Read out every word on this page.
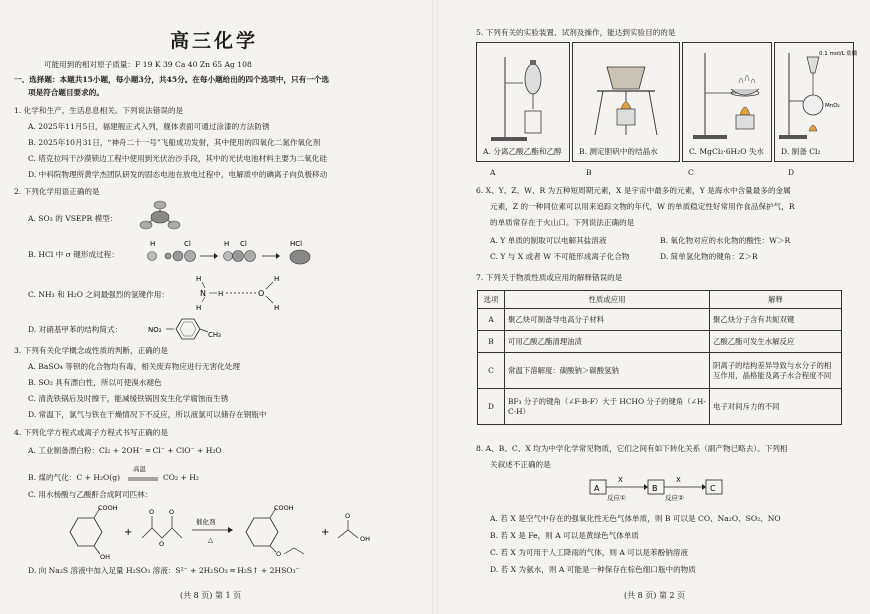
高三化学
可能用到的相对原子质量：F 19 K 39 Ca 40 Zn 65 Ag 108
一、选择题：本题共15小题，每小题3分，共45分。在每小题给出的四个选项中，只有一个选
项是符合题目要求的。
1. 化学和生产、生活息息相关。下列说法错误的是
A. 2025年11月5日，福建舰正式入列，舰体表面可通过涂漆的方法防锈
B. 2025年10月31日，“神舟二十一号”飞船成功发射，其中使用的四氧化二氮作氧化剂
C. 塔克拉玛干沙漠锁边工程中使用到光伏治沙手段，其中的光伏电池材料主要为二氧化硅
D. 中科院物理所黄学杰团队研发的固态电池在放电过程中，电解质中的碘离子向负极移动
2. 下列化学用语正确的是
A. SO₃ 的 VSEPR 模型：
B. HCl 中 σ 键形成过程：
H	Cl	H Cl	HCl
C. NH₃ 和 H₂O 之间最强烈的氢键作用：	N
H
H
H	O
H
H
D. 对硝基甲苯的结构简式：	NO₂
CH₃
3. 下列有关化学概念或性质的判断，正确的是
A. BaSO₄ 等钡的化合物均有毒，相关废弃物应进行无害化处理
B. SO₂ 具有漂白性，所以可使溴水褪色
C. 清洗铁锅后及时擦干，能减缓铁锅因发生化学腐蚀而生锈
D. 常温下，氯气与铁在干燥情况下不反应，所以液氯可以储存在钢瓶中
4. 下列化学方程式或离子方程式书写正确的是
A. 工业制备漂白粉：Cl₂ + 2OH⁻ ═ Cl⁻ + ClO⁻ + H₂O
B. 煤的气化：C + H₂O(g)
高温
CO₂ + H₂
C. 用水杨酸与乙酸酐合成阿司匹林：
COOH
OH
+
O O
O
催化剂
△
COOH
O
+
O
OH
D. 向 Na₂S 溶液中加入足量 H₂SO₃ 溶液：S²⁻ + 2H₂SO₃ ═ H₂S↑ + 2HSO₃⁻
(共 8 页) 第 1 页
5. 下列有关的实验装置、试剂及操作，能达到实验目的的是
A. 分离乙酸乙酯和乙醇 B. 测定胆矾中的结晶水	C. MgCl₂·6H₂O 失水
0.1 mol/L 盐酸
MnO₂
D. 制备 Cl₂
A	B	C	D
6. X、Y、Z、W、R 为五种短周期元素，X 是宇宙中最多的元素，Y 是海水中含量最多的金属
元素，Z 的一种同位素可以用来追踪文物的年代，W 的单质稳定性好常用作食品保护气，R
的单质常存在于火山口。下列说法正确的是
A. Y 单质的制取可以电解其盐溶液	B. 氧化物对应的水化物的酸性：W＞R
C. Y 与 X 或者 W 不可能形成离子化合物	D. 简单氢化物的键角：Z＞R
7. 下列关于物质性质或应用的解释错误的是
选项	性质或应用	解释
A	聚乙炔可制备导电高分子材料	聚乙炔分子含有共轭双键
B	可用乙酸乙酯清理油渍	乙酸乙酯可发生水解反应
C	常温下溶解度：碳酸钠＞碳酸氢钠	阴离子的结构差异导致与水分子的相互作用，晶格能及离子水合程度不同
D	BF₃ 分子的键角（∠F-B-F）大于 HCHO 分子的键角（∠H-C-H）	电子对间斥力的不同
8. A、B、C、X 均为中学化学常见物质，它们之间有如下转化关系（副产物已略去）。下列相
关叙述不正确的是
A
X
反应①
B
X
反应②
C
A. 若 X 是空气中存在的强氧化性无色气体单质，则 B 可以是 CO、Na₂O、SO₂、NO
B. 若 X 是 Fe，则 A 可以是黄绿色气体单质
C. 若 X 为可用于人工降雨的气体，则 A 可以是苯酚钠溶液
D. 若 X 为氨水，则 A 可能是一种保存在棕色细口瓶中的物质
(共 8 页) 第 2 页
